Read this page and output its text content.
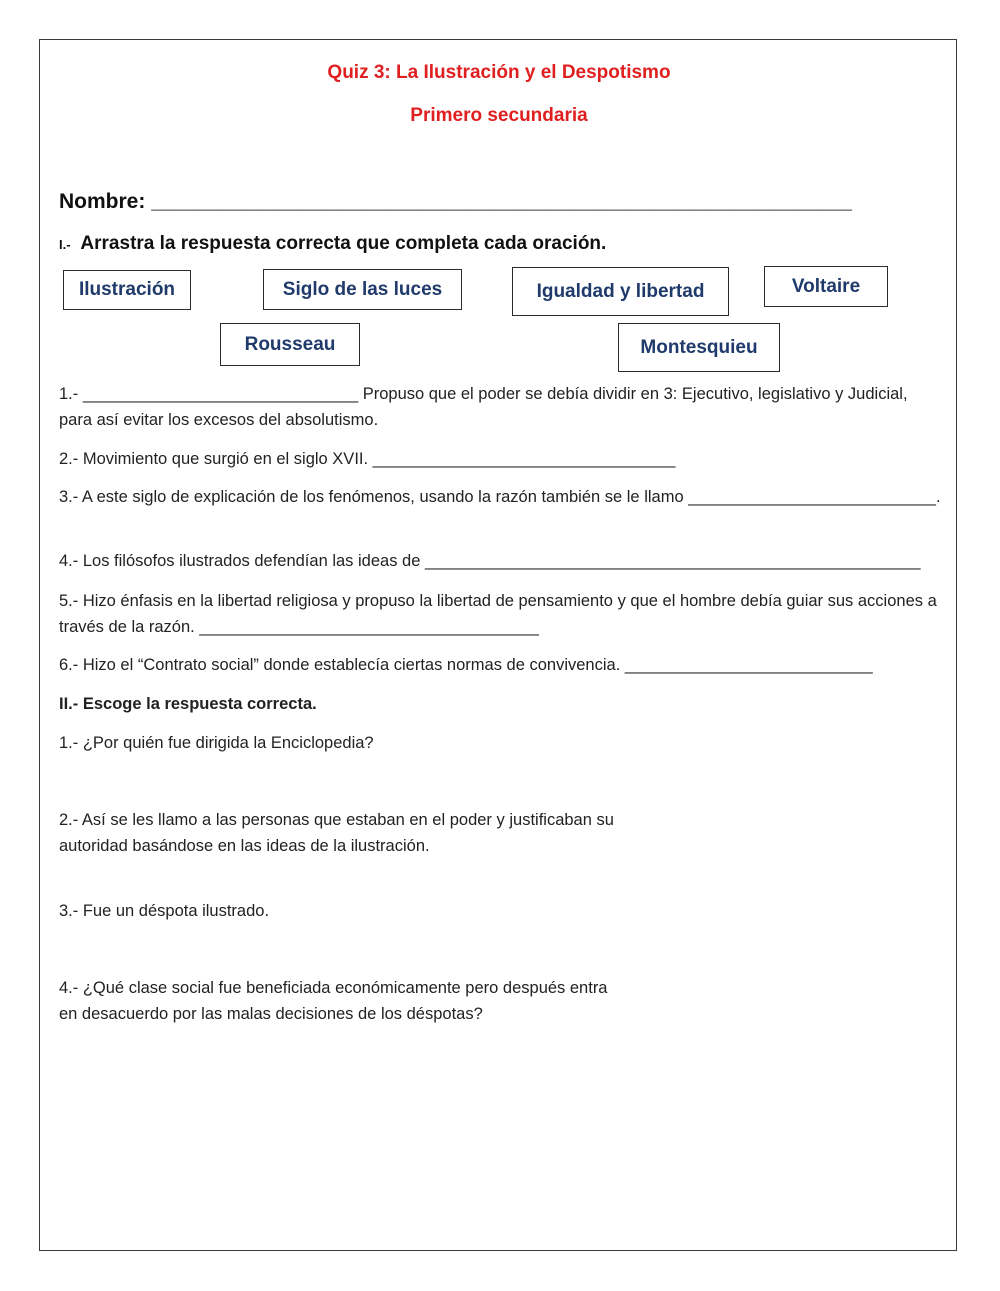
Quiz 3: La Ilustración y el Despotismo
Primero secundaria
Nombre: ____________________________________________________________
I.- Arrastra la respuesta correcta que completa cada oración.
Ilustración	Siglo de las luces	Igualdad y libertad	Voltaire
Rousseau	Montesquieu
1.- ______________________________ Propuso que el poder se debía dividir en 3: Ejecutivo, legislativo y Judicial, para así evitar los excesos del absolutismo.
2.- Movimiento que surgió en el siglo XVII. _________________________________
3.- A este siglo de explicación de los fenómenos, usando la razón también se le llamo ___________________________.
4.- Los filósofos ilustrados defendían las ideas de ______________________________________________________
5.- Hizo énfasis en la libertad religiosa y propuso la libertad de pensamiento y que el hombre debía guiar sus acciones a través de la razón. _____________________________________
6.- Hizo el “Contrato social” donde establecía ciertas normas de convivencia. ___________________________
II.- Escoge la respuesta correcta.
1.- ¿Por quién fue dirigida la Enciclopedia?
2.- Así se les llamo a las personas que estaban en el poder y justificaban su autoridad basándose en las ideas de la ilustración.
3.- Fue un déspota ilustrado.
4.- ¿Qué clase social fue beneficiada económicamente pero después entra en desacuerdo por las malas decisiones de los déspotas?
